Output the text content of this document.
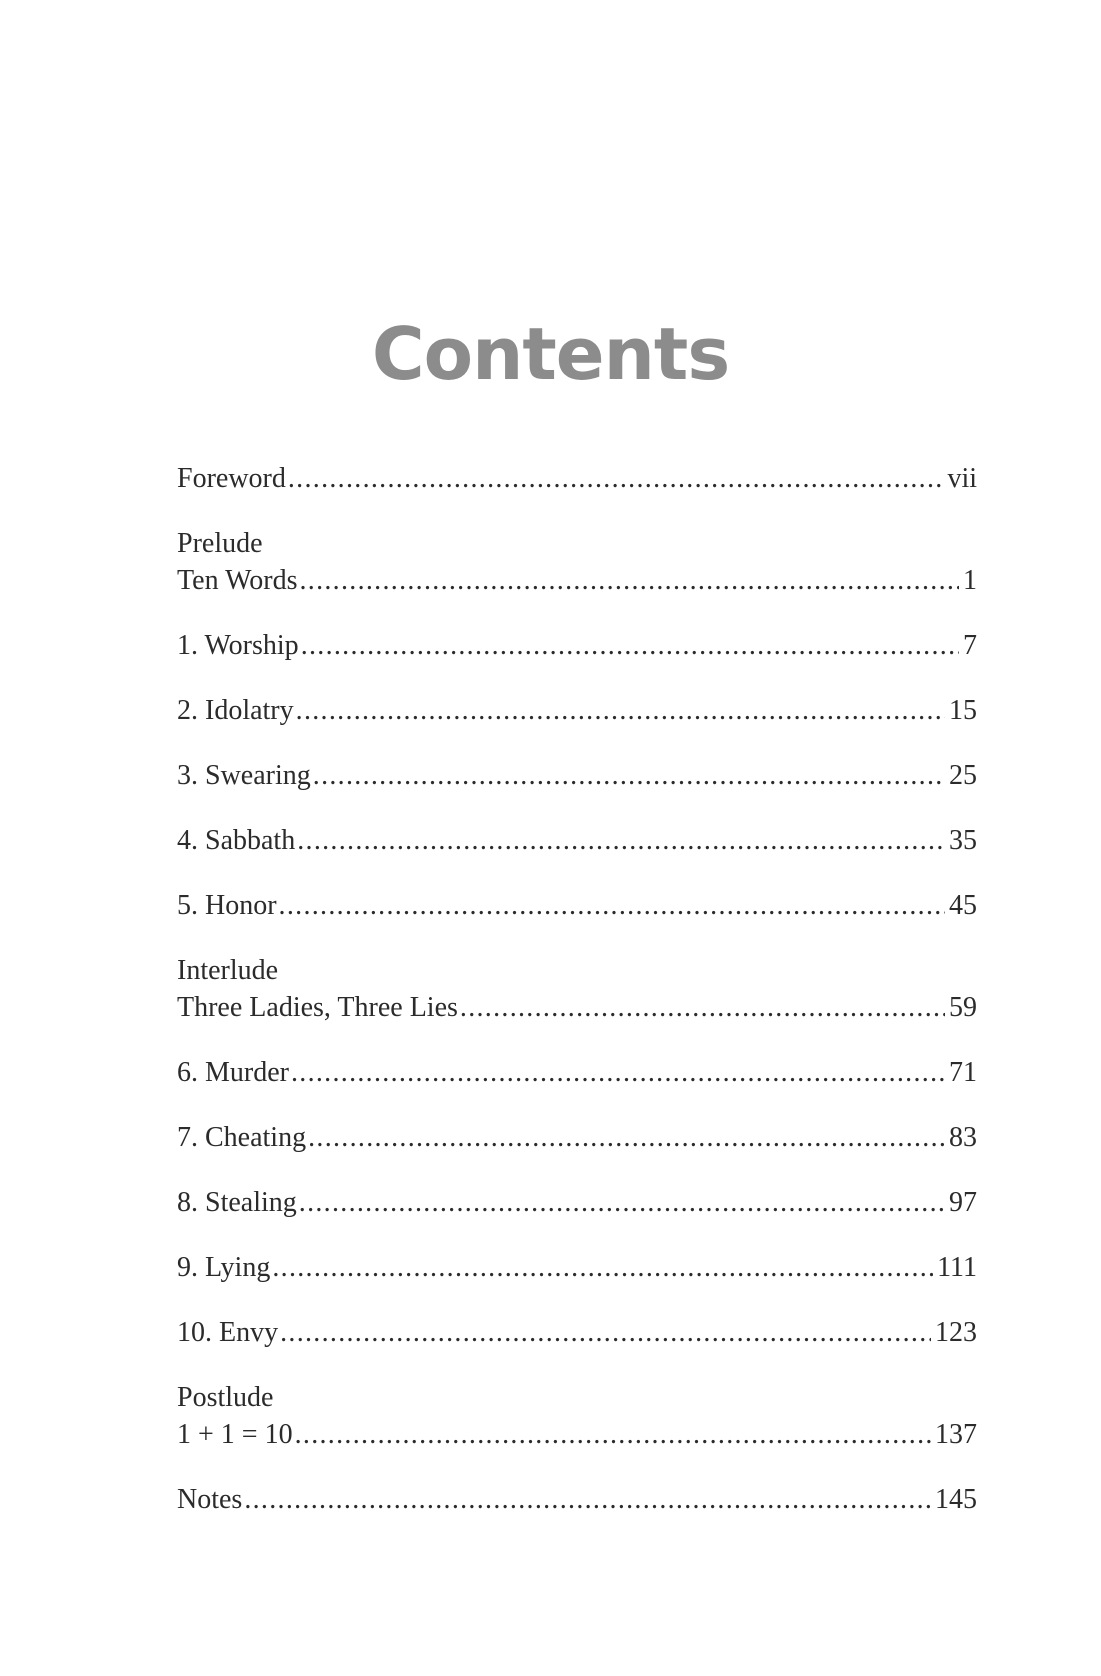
Contents
Foreword .....	vii
Prelude
Ten Words .....	1
1. Worship .....	7
2. Idolatry .....	15
3. Swearing .....	25
4. Sabbath .....	35
5. Honor .....	45
Interlude
Three Ladies, Three Lies .....	59
6. Murder .....	71
7. Cheating .....	83
8. Stealing .....	97
9. Lying .....	111
10. Envy .....	123
Postlude
1 + 1 = 10 .....	137
Notes .....	145
